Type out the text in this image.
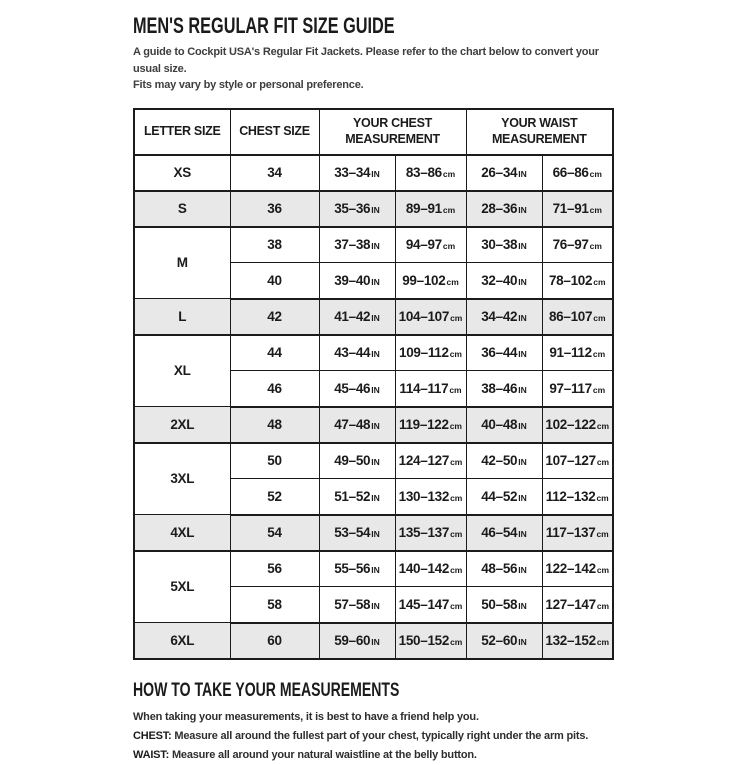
MEN'S REGULAR FIT SIZE GUIDE

A guide to Cockpit USA's Regular Fit Jackets. Please refer to the chart below to convert your usual size.
Fits may vary by style or personal preference.

LETTER SIZE	CHEST SIZE	YOUR CHEST MEASUREMENT		YOUR WAIST MEASUREMENT	
XS	34	33–34IN	83–86cm	26–34IN	66–86cm
S	36	35–36IN	89–91cm	28–36IN	71–91cm
M	38	37–38IN	94–97cm	30–38IN	76–97cm
	40	39–40IN	99–102cm	32–40IN	78–102cm
L	42	41–42IN	104–107cm	34–42IN	86–107cm
XL	44	43–44IN	109–112cm	36–44IN	91–112cm
	46	45–46IN	114–117cm	38–46IN	97–117cm
2XL	48	47–48IN	119–122cm	40–48IN	102–122cm
3XL	50	49–50IN	124–127cm	42–50IN	107–127cm
	52	51–52IN	130–132cm	44–52IN	112–132cm
4XL	54	53–54IN	135–137cm	46–54IN	117–137cm
5XL	56	55–56IN	140–142cm	48–56IN	122–142cm
	58	57–58IN	145–147cm	50–58IN	127–147cm
6XL	60	59–60IN	150–152cm	52–60IN	132–152cm
HOW TO TAKE YOUR MEASUREMENTS

When taking your measurements, it is best to have a friend help you.

CHEST: Measure all around the fullest part of your chest, typically right under the arm pits.

WAIST: Measure all around your natural waistline at the belly button.
